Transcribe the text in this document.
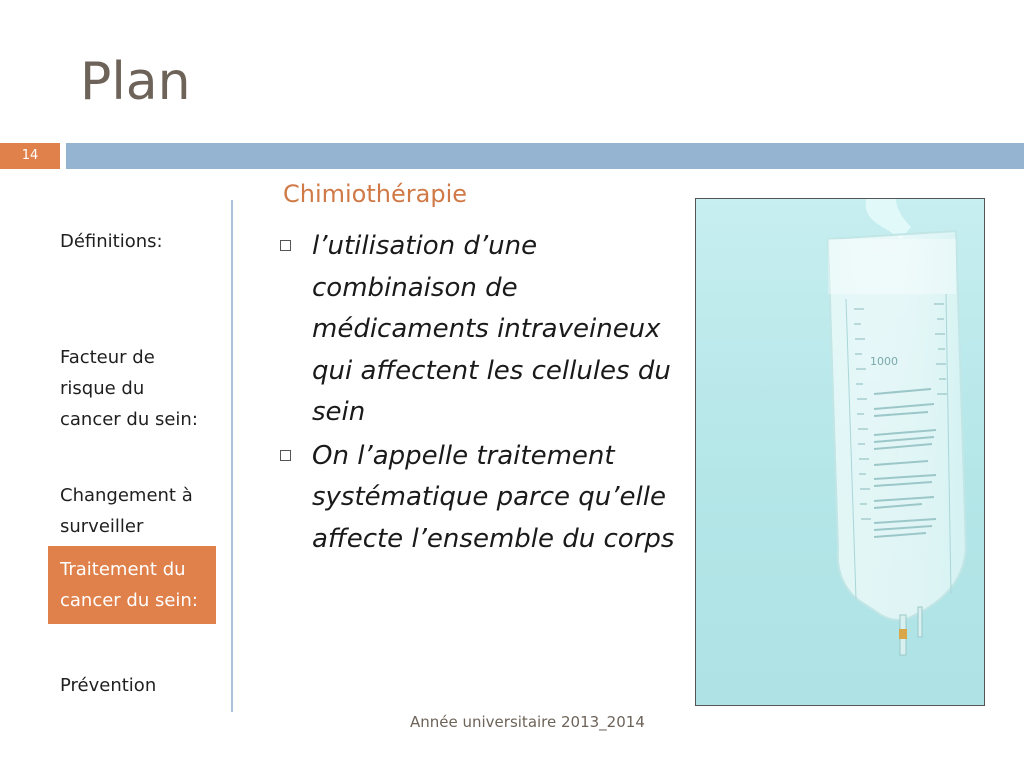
Plan
14
Définitions:
Facteur de risque du cancer du sein:
Changement à surveiller
Traitement du cancer du sein:
Prévention
Chimiothérapie
l’utilisation d’une combinaison de médicaments intraveineux qui affectent les cellules du sein
On l’appelle traitement systématique parce qu’elle affecte l’ensemble du corps
1000
Année universitaire 2013_2014
